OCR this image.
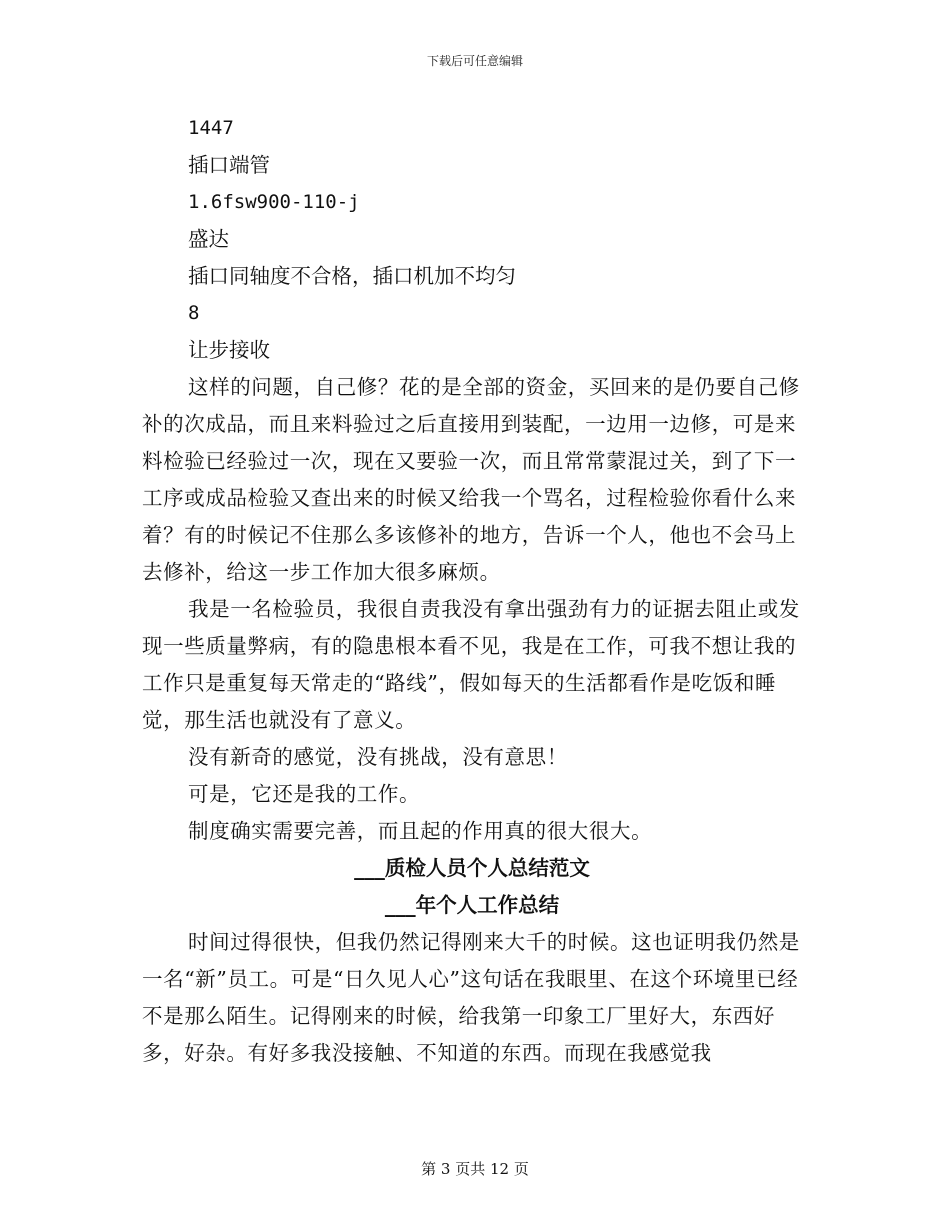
下载后可任意编辑
1447
插口端管
1.6fsw900-110-j
盛达
插口同轴度不合格，插口机加不均匀
8
让步接收
这样的问题，自己修？花的是全部的资金，买回来的是仍要自己修补的次成品，而且来料验过之后直接用到装配，一边用一边修，可是来料检验已经验过一次，现在又要验一次，而且常常蒙混过关，到了下一工序或成品检验又查出来的时候又给我一个骂名，过程检验你看什么来着？有的时候记不住那么多该修补的地方，告诉一个人，他也不会马上去修补，给这一步工作加大很多麻烦。
我是一名检验员，我很自责我没有拿出强劲有力的证据去阻止或发现一些质量弊病，有的隐患根本看不见，我是在工作，可我不想让我的工作只是重复每天常走的“路线”，假如每天的生活都看作是吃饭和睡觉，那生活也就没有了意义。
没有新奇的感觉，没有挑战，没有意思！
可是，它还是我的工作。
制度确实需要完善，而且起的作用真的很大很大。
___质检人员个人总结范文
___年个人工作总结
时间过得很快，但我仍然记得刚来大千的时候。这也证明我仍然是一名“新”员工。可是“日久见人心”这句话在我眼里、在这个环境里已经不是那么陌生。记得刚来的时候，给我第一印象工厂里好大，东西好多，好杂。有好多我没接触、不知道的东西。而现在我感觉我
第 3 页共 12 页
